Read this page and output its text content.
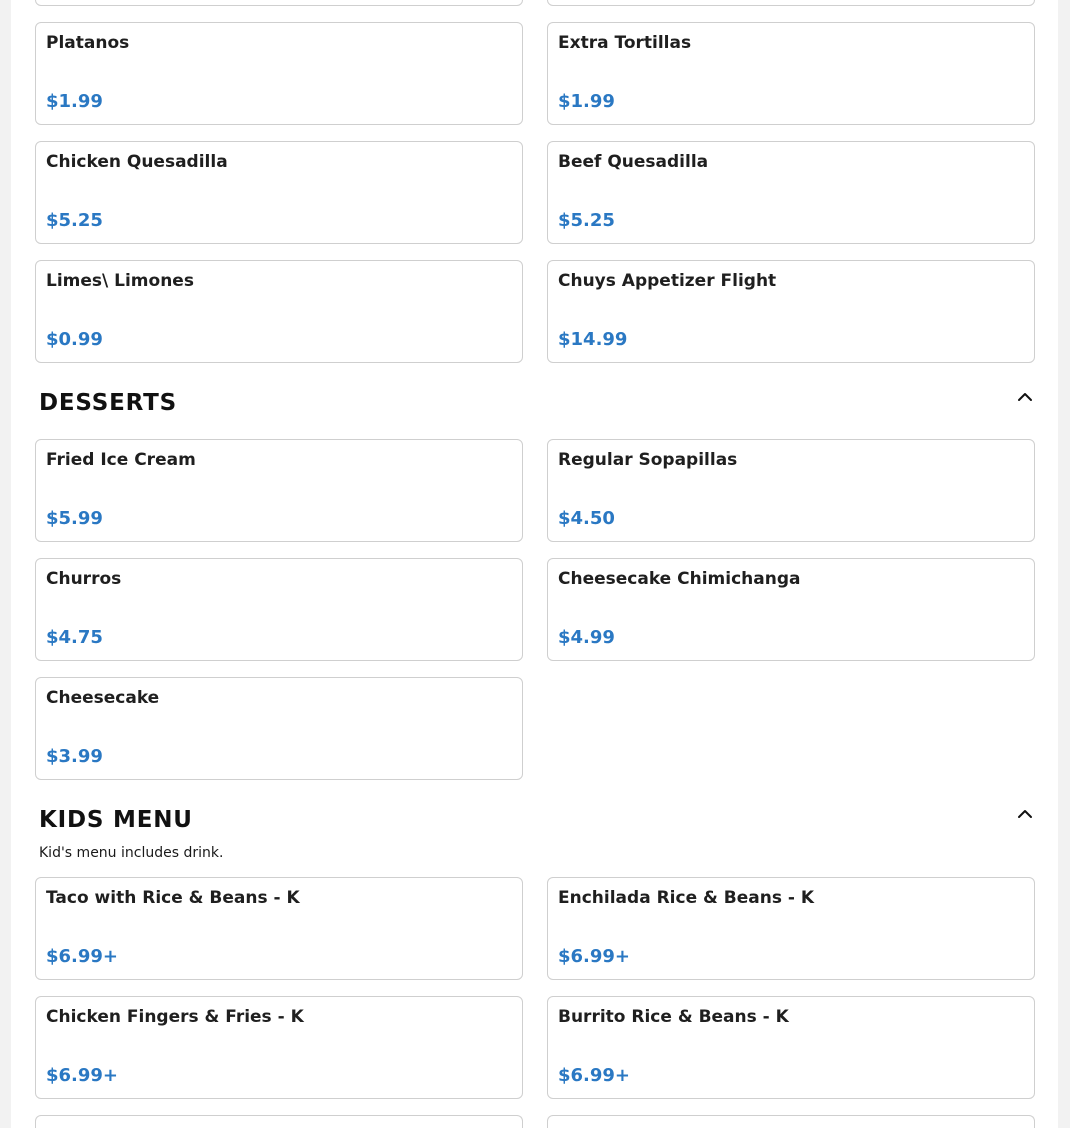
Platanos
$1.99
Extra Tortillas
$1.99
Chicken Quesadilla
$5.25
Beef Quesadilla
$5.25
Limes\ Limones
$0.99
Chuys Appetizer Flight
$14.99
DESSERTS
Fried Ice Cream
$5.99
Regular Sopapillas
$4.50
Churros
$4.75
Cheesecake Chimichanga
$4.99
Cheesecake
$3.99
KIDS MENU
Kid's menu includes drink.
Taco with Rice & Beans - K
$6.99+
Enchilada Rice & Beans - K
$6.99+
Chicken Fingers & Fries - K
$6.99+
Burrito Rice & Beans - K
$6.99+
